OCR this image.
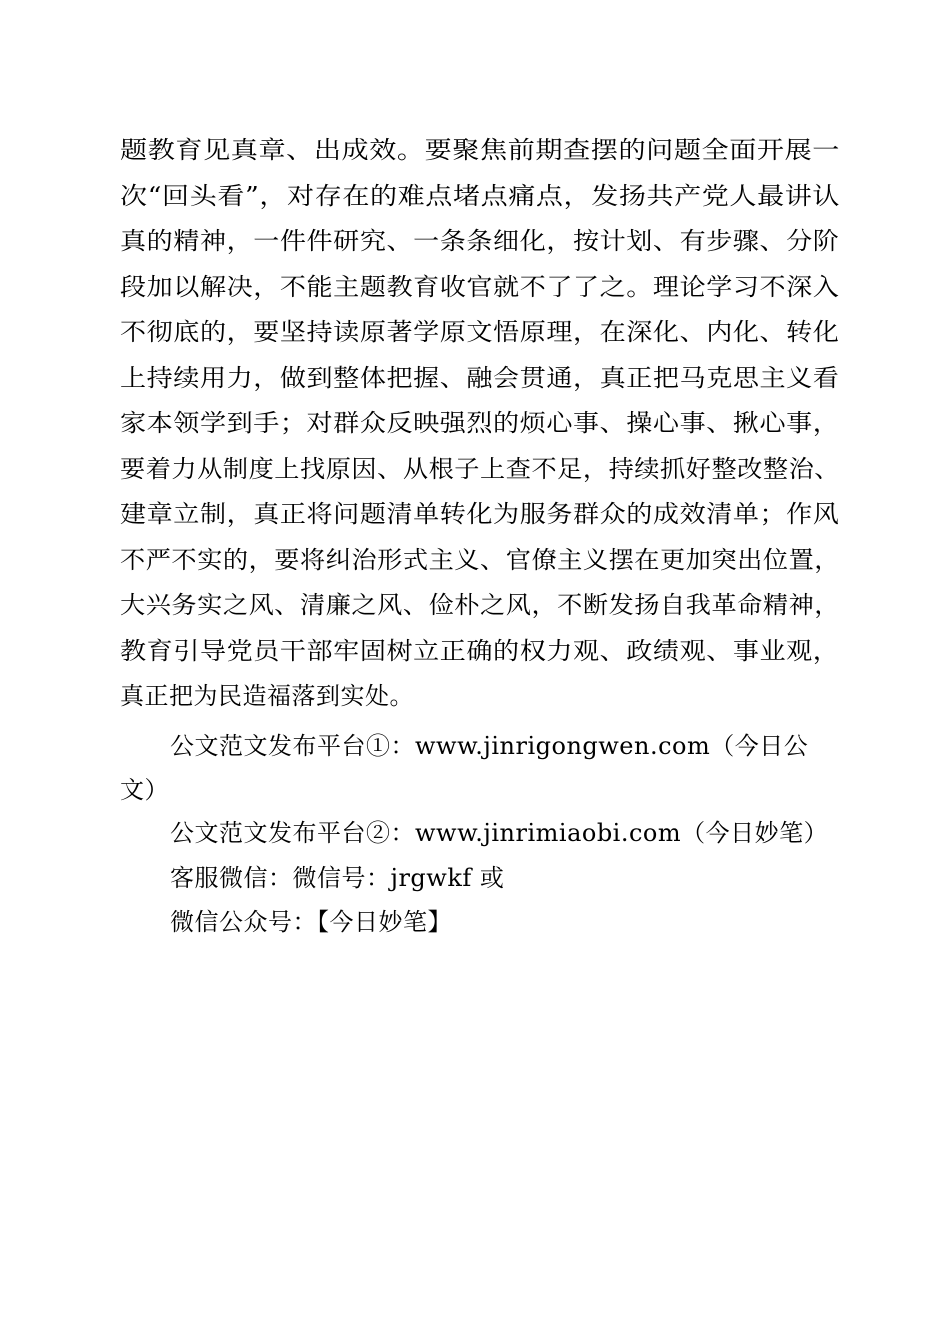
题教育见真章、出成效。要聚焦前期查摆的问题全面开展一
次“回头看”，对存在的难点堵点痛点，发扬共产党人最讲认
真的精神，一件件研究、一条条细化，按计划、有步骤、分阶
段加以解决，不能主题教育收官就不了了之。理论学习不深入
不彻底的，要坚持读原著学原文悟原理，在深化、内化、转化
上持续用力，做到整体把握、融会贯通，真正把马克思主义看
家本领学到手；对群众反映强烈的烦心事、操心事、揪心事，
要着力从制度上找原因、从根子上查不足，持续抓好整改整治、
建章立制，真正将问题清单转化为服务群众的成效清单；作风
不严不实的，要将纠治形式主义、官僚主义摆在更加突出位置，
大兴务实之风、清廉之风、俭朴之风，不断发扬自我革命精神，
教育引导党员干部牢固树立正确的权力观、政绩观、事业观，
真正把为民造福落到实处。
公文范文发布平台①：www.jinrigongwen.com（今日公
文）
公文范文发布平台②：www.jinrimiaobi.com（今日妙笔）
客服微信：微信号：jrgwkf 或
微信公众号：【今日妙笔】
